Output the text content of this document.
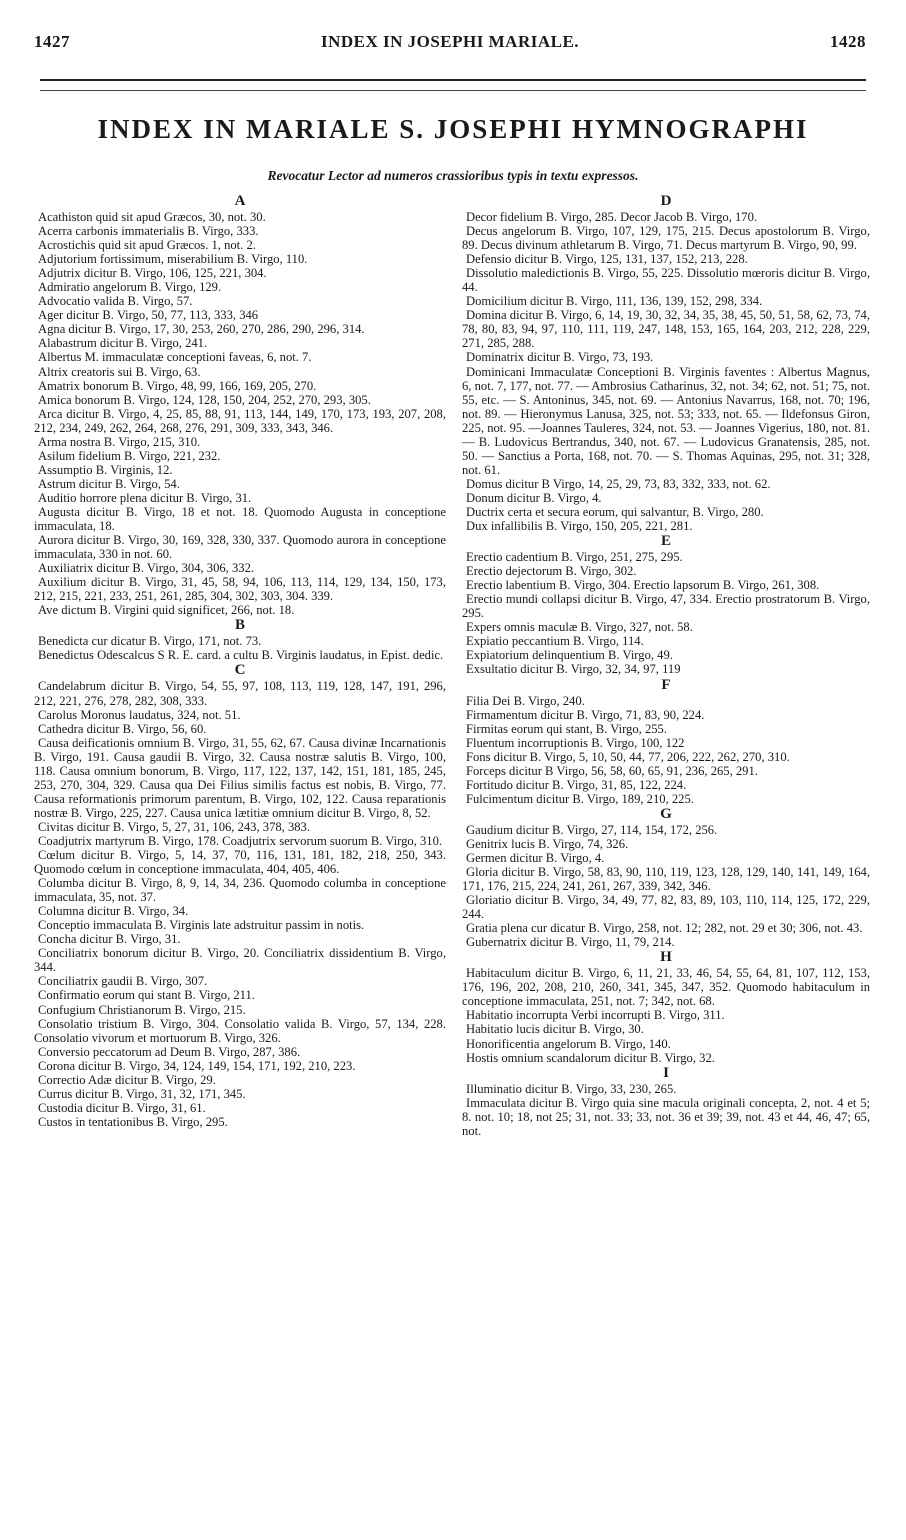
1427	INDEX IN JOSEPHI MARIALE.	1428
INDEX IN MARIALE S. JOSEPHI HYMNOGRAPHI
Revocatur Lector ad numeros crassioribus typis in textu expressos.
A
Acathiston quid sit apud Græcos, 30, not. 30.
Acerra carbonis immaterialis B. Virgo, 333.
Acrostichis quid sit apud Græcos. 1, not. 2.
Adjutorium fortissimum, miserabilium B. Virgo, 110.
Adjutrix dicitur B. Virgo, 106, 125, 221, 304.
Admiratio angelorum B. Virgo, 129.
Advocatio valida B. Virgo, 57.
Ager dicitur B. Virgo, 50, 77, 113, 333, 346
Agna dicitur B. Virgo, 17, 30, 253, 260, 270, 286, 290, 296, 314.
Alabastrum dicitur B. Virgo, 241.
Albertus M. immaculatæ conceptioni faveas, 6, not. 7.
Altrix creatoris sui B. Virgo, 63.
Amatrix bonorum B. Virgo, 48, 99, 166, 169, 205, 270.
Amica bonorum B. Virgo, 124, 128, 150, 204, 252, 270, 293, 305.
Arca dicitur B. Virgo, 4, 25, 85, 88, 91, 113, 144, 149, 170, 173, 193, 207, 208, 212, 234, 249, 262, 264, 268, 276, 291, 309, 333, 343, 346.
Arma nostra B. Virgo, 215, 310.
Asilum fidelium B. Virgo, 221, 232.
Assumptio B. Virginis, 12.
Astrum dicitur B. Virgo, 54.
Auditio horrore plena dicitur B. Virgo, 31.
Augusta dicitur B. Virgo, 18 et not. 18. Quomodo Augusta in conceptione immaculata, 18.
Aurora dicitur B. Virgo, 30, 169, 328, 330, 337. Quomodo aurora in conceptione immaculata, 330 in not. 60.
Auxiliatrix dicitur B. Virgo, 304, 306, 332.
Auxilium dicitur B. Virgo, 31, 45, 58, 94, 106, 113, 114, 129, 134, 150, 173, 212, 215, 221, 233, 251, 261, 285, 304, 302, 303, 304. 339.
Ave dictum B. Virgini quid significet, 266, not. 18.
B
Benedicta cur dicatur B. Virgo, 171, not. 73.
Benedictus Odescalcus S R. E. card. a cultu B. Virginis laudatus, in Epist. dedic.
C
Candelabrum dicitur B. Virgo, 54, 55, 97, 108, 113, 119, 128, 147, 191, 296, 212, 221, 276, 278, 282, 308, 333.
Carolus Moronus laudatus, 324, not. 51.
Cathedra dicitur B. Virgo, 56, 60.
Causa deificationis omnium B. Virgo, 31, 55, 62, 67. Causa divinæ Incarnationis B. Virgo, 191. Causa gaudii B. Virgo, 32. Causa nostræ salutis B. Virgo, 100, 118. Causa omnium bonorum, B. Virgo, 117, 122, 137, 142, 151, 181, 185, 245, 253, 270, 304, 329. Causa qua Dei Filius similis factus est nobis, B. Virgo, 77. Causa reformationis primorum parentum, B. Virgo, 102, 122. Causa reparationis nostræ B. Virgo, 225, 227. Causa unica lætitiæ omnium dicitur B. Virgo, 8, 52.
Civitas dicitur B. Virgo, 5, 27, 31, 106, 243, 378, 383.
Coadjutrix martyrum B. Virgo, 178. Coadjutrix servorum suorum B. Virgo, 310.
Cœlum dicitur B. Virgo, 5, 14, 37, 70, 116, 131, 181, 182, 218, 250, 343. Quomodo cœlum in conceptione immaculata, 404, 405, 406.
Columba dicitur B. Virgo, 8, 9, 14, 34, 236. Quomodo columba in conceptione immaculata, 35, not. 37.
Columna dicitur B. Virgo, 34.
Conceptio immaculata B. Virginis late adstruitur passim in notis.
Concha dicitur B. Virgo, 31.
Conciliatrix bonorum dicitur B. Virgo, 20. Conciliatrix dissidentium B. Virgo, 344.
Conciliatrix gaudii B. Virgo, 307.
Confirmatio eorum qui stant B. Virgo, 211.
Confugium Christianorum B. Virgo, 215.
Consolatio tristium B. Virgo, 304. Consolatio valida B. Virgo, 57, 134, 228. Consolatio vivorum et mortuorum B. Virgo, 326.
Conversio peccatorum ad Deum B. Virgo, 287, 386.
Corona dicitur B. Virgo, 34, 124, 149, 154, 171, 192, 210, 223.
Correctio Adæ dicitur B. Virgo, 29.
Currus dicitur B. Virgo, 31, 32, 171, 345.
Custodia dicitur B. Virgo, 31, 61.
Custos in tentationibus B. Virgo, 295.
D
Decor fidelium B. Virgo, 285. Decor Jacob B. Virgo, 170.
Decus angelorum B. Virgo, 107, 129, 175, 215. Decus apostolorum B. Virgo, 89. Decus divinum athletarum B. Virgo, 71. Decus martyrum B. Virgo, 90, 99.
Defensio dicitur B. Virgo, 125, 131, 137, 152, 213, 228.
Dissolutio maledictionis B. Virgo, 55, 225. Dissolutio mœroris dicitur B. Virgo, 44.
Domicilium dicitur B. Virgo, 111, 136, 139, 152, 298, 334.
Domina dicitur B. Virgo, 6, 14, 19, 30, 32, 34, 35, 38, 45, 50, 51, 58, 62, 73, 74, 78, 80, 83, 94, 97, 110, 111, 119, 247, 148, 153, 165, 164, 203, 212, 228, 229, 271, 285, 288.
Dominatrix dicitur B. Virgo, 73, 193.
Dominicani Immaculatæ Conceptioni B. Virginis faventes : Albertus Magnus, 6, not. 7, 177, not. 77. — Ambrosius Catharinus, 32, not. 34; 62, not. 51; 75, not. 55, etc. — S. Antoninus, 345, not. 69. — Antonius Navarrus, 168, not. 70; 196, not. 89. — Hieronymus Lanusa, 325, not. 53; 333, not. 65. — Ildefonsus Giron, 225, not. 95. —Joannes Tauleres, 324, not. 53. — Joannes Vigerius, 180, not. 81. — B. Ludovicus Bertrandus, 340, not. 67. — Ludovicus Granatensis, 285, not. 50. — Sanctius a Porta, 168, not. 70. — S. Thomas Aquinas, 295, not. 31; 328, not. 61.
Domus dicitur B Virgo, 14, 25, 29, 73, 83, 332, 333, not. 62.
Donum dicitur B. Virgo, 4.
Ductrix certa et secura eorum, qui salvantur, B. Virgo, 280.
Dux infallibilis B. Virgo, 150, 205, 221, 281.
E
Erectio cadentium B. Virgo, 251, 275, 295.
Erectio dejectorum B. Virgo, 302.
Erectio labentium B. Virgo, 304. Erectio lapsorum B. Virgo, 261, 308.
Erectio mundi collapsi dicitur B. Virgo, 47, 334. Erectio prostratorum B. Virgo, 295.
Expers omnis maculæ B. Virgo, 327, not. 58.
Expiatio peccantium B. Virgo, 114.
Expiatorium delinquentium B. Virgo, 49.
Exsultatio dicitur B. Virgo, 32, 34, 97, 119
F
Filia Dei B. Virgo, 240.
Firmamentum dicitur B. Virgo, 71, 83, 90, 224.
Firmitas eorum qui stant, B. Virgo, 255.
Fluentum incorruptionis B. Virgo, 100, 122
Fons dicitur B. Virgo, 5, 10, 50, 44, 77, 206, 222, 262, 270, 310.
Forceps dicitur B Virgo, 56, 58, 60, 65, 91, 236, 265, 291.
Fortitudo dicitur B. Virgo, 31, 85, 122, 224.
Fulcimentum dicitur B. Virgo, 189, 210, 225.
G
Gaudium dicitur B. Virgo, 27, 114, 154, 172, 256.
Genitrix lucis B. Virgo, 74, 326.
Germen dicitur B. Virgo, 4.
Gloria dicitur B. Virgo, 58, 83, 90, 110, 119, 123, 128, 129, 140, 141, 149, 164, 171, 176, 215, 224, 241, 261, 267, 339, 342, 346.
Gloriatio dicitur B. Virgo, 34, 49, 77, 82, 83, 89, 103, 110, 114, 125, 172, 229, 244.
Gratia plena cur dicatur B. Virgo, 258, not. 12; 282, not. 29 et 30; 306, not. 43.
Gubernatrix dicitur B. Virgo, 11, 79, 214.
H
Habitaculum dicitur B. Virgo, 6, 11, 21, 33, 46, 54, 55, 64, 81, 107, 112, 153, 176, 196, 202, 208, 210, 260, 341, 345, 347, 352. Quomodo habitaculum in conceptione immaculata, 251, not. 7; 342, not. 68.
Habitatio incorrupta Verbi incorrupti B. Virgo, 311.
Habitatio lucis dicitur B. Virgo, 30.
Honorificentia angelorum B. Virgo, 140.
Hostis omnium scandalorum dicitur B. Virgo, 32.
I
Illuminatio dicitur B. Virgo, 33, 230, 265.
Immaculata dicitur B. Virgo quia sine macula originali concepta, 2, not. 4 et 5; 8. not. 10; 18, not 25; 31, not. 33; 33, not. 36 et 39; 39, not. 43 et 44, 46, 47; 65, not.
